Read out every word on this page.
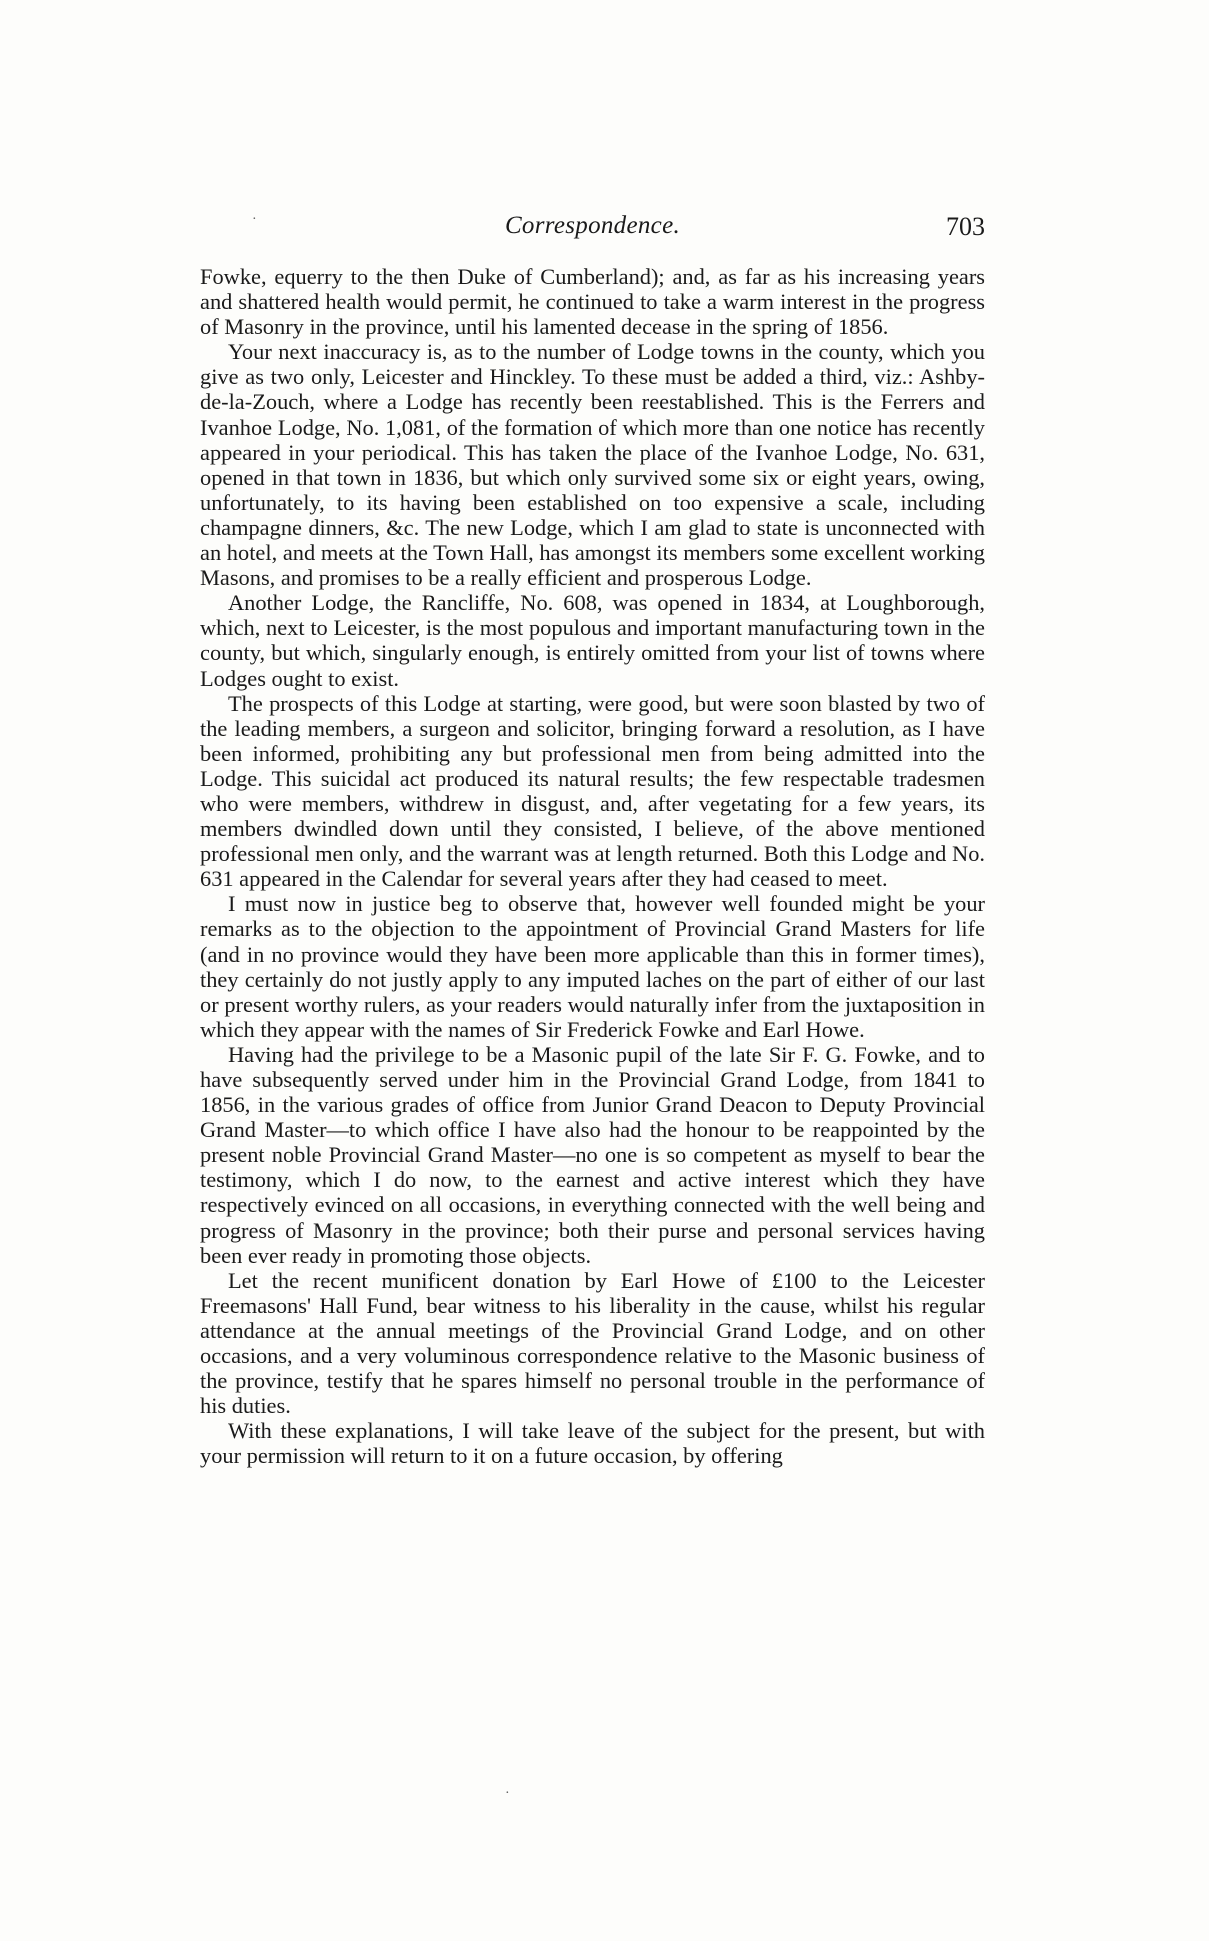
Correspondence.	703

Fowke, equerry to the then Duke of Cumberland); and, as far as his increasing years and shattered health would permit, he continued to take a warm interest in the progress of Masonry in the province, until his lamented decease in the spring of 1856.

Your next inaccuracy is, as to the number of Lodge towns in the county, which you give as two only, Leicester and Hinckley. To these must be added a third, viz.: Ashby-de-la-Zouch, where a Lodge has recently been reestablished. This is the Ferrers and Ivanhoe Lodge, No. 1,081, of the formation of which more than one notice has recently appeared in your periodical. This has taken the place of the Ivanhoe Lodge, No. 631, opened in that town in 1836, but which only survived some six or eight years, owing, unfortunately, to its having been established on too expensive a scale, including champagne dinners, &c. The new Lodge, which I am glad to state is unconnected with an hotel, and meets at the Town Hall, has amongst its members some excellent working Masons, and promises to be a really efficient and prosperous Lodge.

Another Lodge, the Rancliffe, No. 608, was opened in 1834, at Loughborough, which, next to Leicester, is the most populous and important manufacturing town in the county, but which, singularly enough, is entirely omitted from your list of towns where Lodges ought to exist.

The prospects of this Lodge at starting, were good, but were soon blasted by two of the leading members, a surgeon and solicitor, bringing forward a resolution, as I have been informed, prohibiting any but professional men from being admitted into the Lodge. This suicidal act produced its natural results; the few respectable tradesmen who were members, withdrew in disgust, and, after vegetating for a few years, its members dwindled down until they consisted, I believe, of the above mentioned professional men only, and the warrant was at length returned. Both this Lodge and No. 631 appeared in the Calendar for several years after they had ceased to meet.

I must now in justice beg to observe that, however well founded might be your remarks as to the objection to the appointment of Provincial Grand Masters for life (and in no province would they have been more applicable than this in former times), they certainly do not justly apply to any imputed laches on the part of either of our last or present worthy rulers, as your readers would naturally infer from the juxtaposition in which they appear with the names of Sir Frederick Fowke and Earl Howe.

Having had the privilege to be a Masonic pupil of the late Sir F. G. Fowke, and to have subsequently served under him in the Provincial Grand Lodge, from 1841 to 1856, in the various grades of office from Junior Grand Deacon to Deputy Provincial Grand Master—to which office I have also had the honour to be reappointed by the present noble Provincial Grand Master—no one is so competent as myself to bear the testimony, which I do now, to the earnest and active interest which they have respectively evinced on all occasions, in everything connected with the well being and progress of Masonry in the province; both their purse and personal services having been ever ready in promoting those objects.

Let the recent munificent donation by Earl Howe of £100 to the Leicester Freemasons' Hall Fund, bear witness to his liberality in the cause, whilst his regular attendance at the annual meetings of the Provincial Grand Lodge, and on other occasions, and a very voluminous correspondence relative to the Masonic business of the province, testify that he spares himself no personal trouble in the performance of his duties.

With these explanations, I will take leave of the subject for the present, but with your permission will return to it on a future occasion, by offering

·
·
